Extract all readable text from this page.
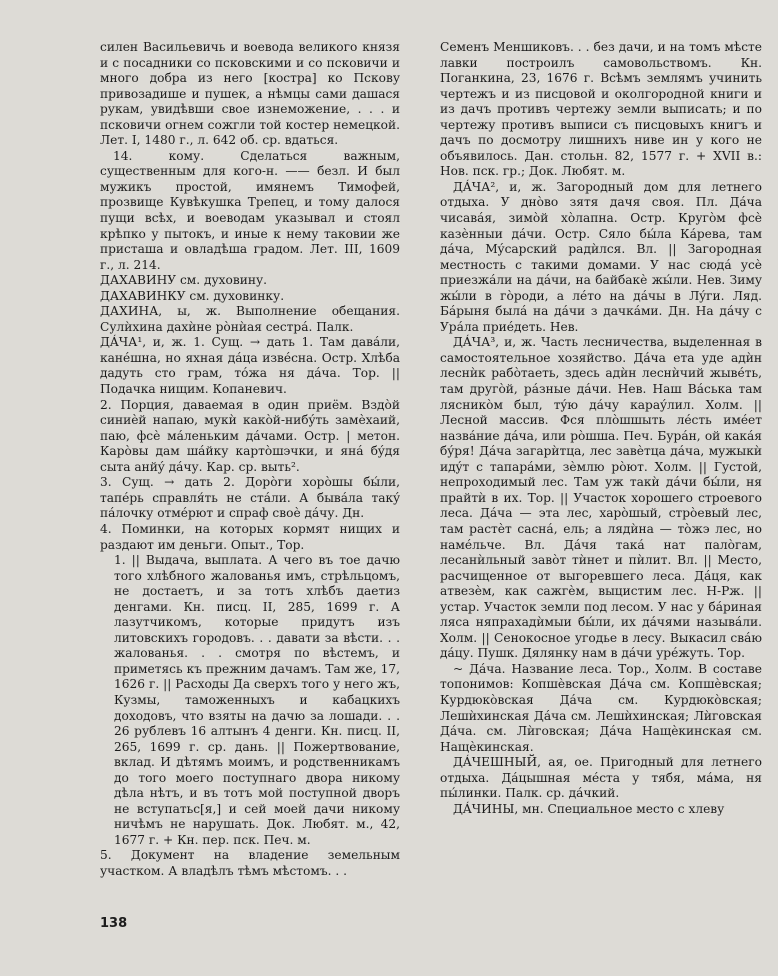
силен Васильевичь и воевода великого князя и с посадники со псковскими и со псковичи и много добра из него [костра] ко Пскову привозадише и пушек, а нѣмцы сами дашася рукам, увидѣвши свое изнеможение, . . . и псковичи огнем сожгли той костер немецкой. Лет. I, 1480 г., л. 642 об. ср. вдаться.

14. кому. Сделаться важным, существенным для кого-н. —— безл. И был мужикъ простой, имянемъ Тимофей, прозвище Кувѣкушка Трепец, и тому далося пущи всѣх, и воеводам указывал и стоял крѣпко у пытокъ, и иные к нему таковии же присташа и овладѣша градом. Лет. III, 1609 г., л. 214.

ДАХАВИНУ см. духовину.

ДАХАВИНКУ см. духовинку.

ДАХИНА, ы, ж. Выполнение обещания. Сулѝхина дахѝне рòнѝая сестрá. Палк.

ДÁЧА¹, и, ж. 1. Сущ. → дать 1. Там давáли, канéшна, но яхная дáца извéсна. Остр. Хлѣба дадуть сто грам, тóжа ня дáча. Тор. || Подачка нищим. Копаневич.

2. Порция, даваемая в один приём. Вздòй синиѐй напаю, мукѝ какòй-нибýть замѐхаий, паю, фсѐ мáленьким дáчами. Остр. | метон. Карòвы дам шáйку картòшэчки, и янá бýдя сыта анйý дáчу. Кар. ср. выть².

3. Сущ. → дать 2. Дорòги хорòшы бы́ли, тапéрь справля́ть не стáли. А бывáла такý пáлочку отмéрют и спраф своѐ дáчу. Дн.

4. Поминки, на которых кормят нищих и раздают им деньги. Опыт., Тор.

1. || Выдача, выплата. А чего въ тое дачю того хлѣбного жалованья имъ, стрѣльцомъ, не достаетъ, и за тотъ хлѣбъ даетиз денгами. Кн. писц. II, 285, 1699 г. А лазутчикомъ, которые придутъ изъ литовскихъ городовъ. . . давати за вѣсти. . . жалованья. . . смотря по вѣстемъ, и приметясь къ прежним дачамъ. Там же, 17, 1626 г. || Расходы Да сверхъ того у него жъ, Кузмы, таможенныхъ и кабацкихъ доходовъ, что взяты на дачю за лошади. . . 26 рублевъ 16 алтынъ 4 денги. Кн. писц. II, 265, 1699 г. ср. дань. || Пожертвование, вклад. И дѣтямъ моимъ, и родственникамъ до того моего поступнаго двора никому дѣла нѣтъ, и въ тотъ мой поступной дворъ не вступатьс[я,] и сей моей дачи никому ничѣмъ не нарушать. Док. Любят. м., 42, 1677 г. + Кн. пер. пск. Печ. м.

5. Документ на владение земельным участком. А владѣлъ тѣмъ мѣстомъ. . .

Семенъ Меншиковъ. . . без дачи, и на томъ мѣсте лавки построилъ самовольствомъ. Кн. Поганкина, 23, 1676 г. Всѣмъ землямъ учинить чертежъ и из писцовой и околгородной книги и из дачъ противъ чертежу земли выписать; и по чертежу противъ выписи съ писцовыхъ книгъ и дачъ по досмотру лишнихъ ниве ин у кого не объявилось. Дан. стольн. 82, 1577 г. + XVII в.: Нов. пск. гр.; Док. Любят. м.

ДÁЧА², и, ж. Загородный дом для летнего отдыха. У днòво зятя дачя своя. Пл. Дáча чисавáя, зимòй хòлапна. Остр. Кругòм фсѐ казѐнныи дáчи. Остр. Сяло бы́ла Кáрева, там дáча, Мýсарский радѝлся. Вл. || Загородная местность с такими домами. У нас сюдá усѐ приезжáли на дáчи, на байбакѐ жы́ли. Нев. Зиму жы́ли в гòроди, а лéто на дáчы в Лýги. Ляд. Бáрыня былá на дáчи з дачкáми. Дн. На дáчу с Урáла приéдеть. Нев.

ДÁЧА³, и, ж. Часть лесничества, выделенная в самостоятельное хозяйство. Дáча ета уде адѝн леснѝк рабòтаеть, здесь адѝн леснѝчий жывéть, там другòй, рáзные дáчи. Нев. Наш Вáська там лясникòм был, тýю дáчу караýлил. Холм. || Лесной массив. Фся плòшшыть лéсть имéет назвáние дáча, или рòшша. Печ. Бурáн, ой какáя бýря! Дáча загарѝтца, лес завѐтца дáча, мужыкѝ идýт с тапарáми, зѐмлю рòют. Холм. || Густой, непроходимый лес. Там уж такѝ дáчи бы́ли, ня прайтѝ в их. Тор. || Участок хорошего строевого леса. Дáча — эта лес, харòшый, стрòевый лес, там растѐт саснá, ель; а лядѝна — тòжэ лес, но намéльче. Вл. Дáчя такá нат палòгам, лесанѝльный завòт тѝнет и пѝлит. Вл. || Место, расчищенное от выгоревшего леса. Дáця, как атвезѐм, как сажгѐм, выцистим лес. Н-Рж. || устар. Участок земли под лесом. У нас у бáриная ляса няпрахадѝмыи бы́ли, их дáчями назывáли. Холм. || Сенокосное угодье в лесу. Выкасил свáю дáцу. Пушк. Дялянку нам в дáчи урéжуть. Тор.

~ Дáча. Название леса. Тор., Холм. В составе топонимов: Копшѐвская Дáча см. Копшѐвская; Курдюкòвская Дáча см. Курдюкòвская; Лешѝхинская Дáча см. Лешѝхинская; Лѝговская Дáча. см. Лѝговская; Дáча Нащѐкинская см. Нащѐкинская.

ДÁЧЕШНЫЙ, ая, ое. Пригодный для летнего отдыха. Дáцышная мéста у тябя, мáма, ня пы́линки. Палк. ср. дáчкий.

ДÁЧИНЫ, мн. Специальное место с хлеву

138
